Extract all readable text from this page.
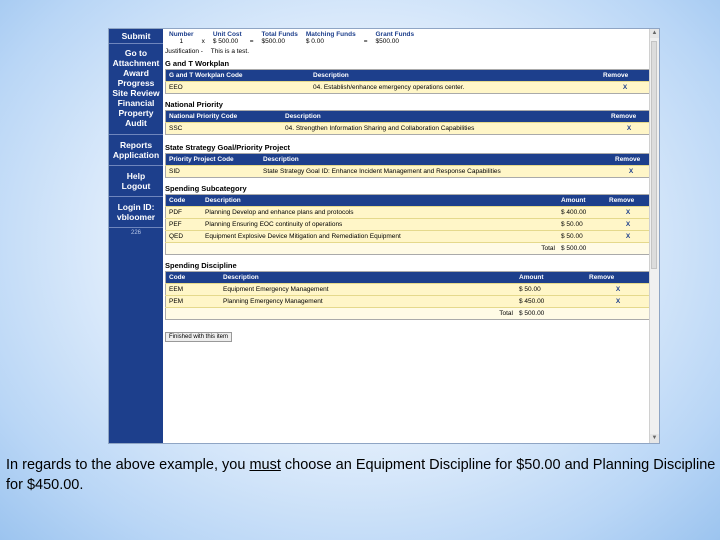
Submit
Go to
Attachment
Award
Progress
Site Review
Financial
Property
Audit
Reports
Application
Help
Logout
Login ID:
vbloomer
226
Number		Unit Cost		Total Funds	Matching Funds		Grant Funds
1	x	$ 500.00	=	$500.00	$ 0.00	=	$500.00
Justification - This is a test.
G and T Workplan
G and T Workplan Code	Description	Remove
EEO	04. Establish/enhance emergency operations center.	X
National Priority
National Priority Code	Description	Remove
SSC	04. Strengthen Information Sharing and Collaboration Capabilities	X
State Strategy Goal/Priority Project
Priority Project Code	Description	Remove
SID	State Strategy Goal ID: Enhance Incident Management and Response Capabilities	X
Spending Subcategory
Code	Description	Amount	Remove
PDF	Planning Develop and enhance plans and protocols	$ 400.00	X
PEF	Planning Ensuring EOC continuity of operations	$ 50.00	X
QED	Equipment Explosive Device Mitigation and Remediation Equipment	$ 50.00	X
	Total	$ 500.00	
Spending Discipline
Code	Description	Amount	Remove
EEM	Equipment Emergency Management	$ 50.00	X
PEM	Planning Emergency Management	$ 450.00	X
	Total	$ 500.00	
Finished with this item
▲
▼
In regards to the above example, you must choose an Equipment Discipline for $50.00 and Planning Discipline for $450.00.
